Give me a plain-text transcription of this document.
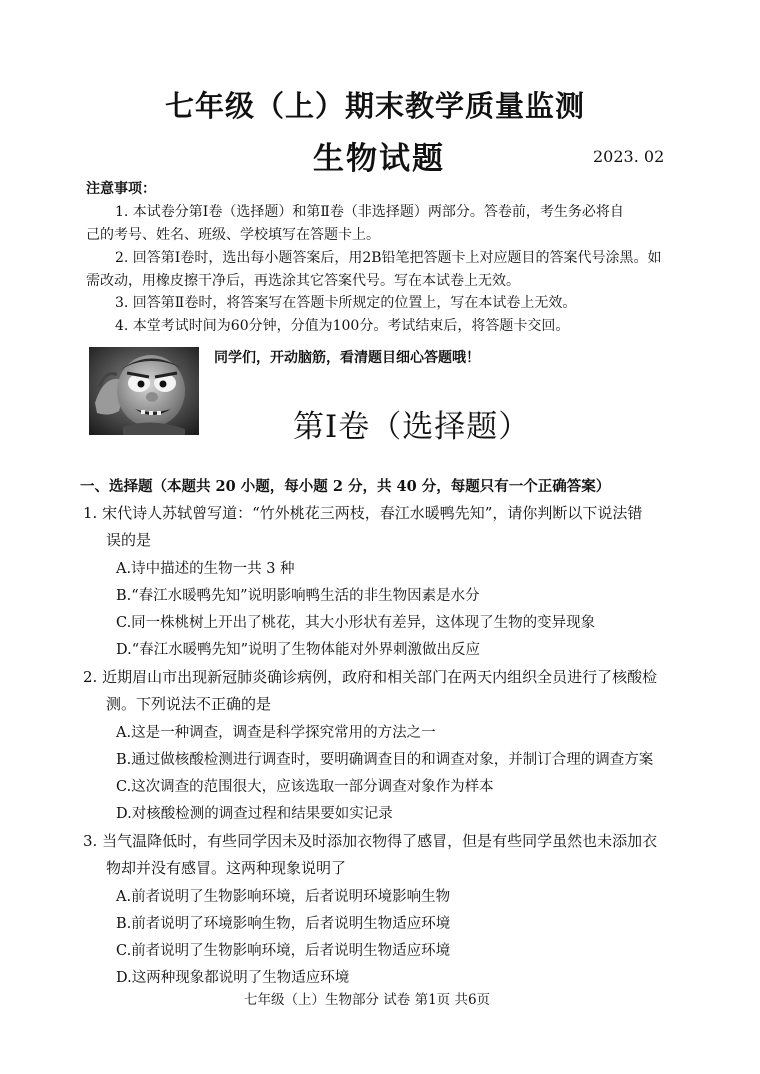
七年级（上）期末教学质量监测
生物试题	2023. 02
注意事项：
1. 本试卷分第Ⅰ卷（选择题）和第Ⅱ卷（非选择题）两部分。答卷前，考生务必将自
己的考号、姓名、班级、学校填写在答题卡上。
2. 回答第Ⅰ卷时，选出每小题答案后，用2B铅笔把答题卡上对应题目的答案代号涂黑。如
需改动，用橡皮擦干净后，再选涂其它答案代号。写在本试卷上无效。
3. 回答第Ⅱ卷时，将答案写在答题卡所规定的位置上，写在本试卷上无效。
4. 本堂考试时间为60分钟，分值为100分。考试结束后，将答题卡交回。
同学们，开动脑筋，看清题目细心答题哦！
第Ⅰ卷（选择题）
一、选择题（本题共 20 小题，每小题 2 分，共 40 分，每题只有一个正确答案）
1. 宋代诗人苏轼曾写道：“竹外桃花三两枝，春江水暖鸭先知”，请你判断以下说法错
误的是
A.诗中描述的生物一共 3 种
B.“春江水暖鸭先知”说明影响鸭生活的非生物因素是水分
C.同一株桃树上开出了桃花，其大小形状有差异，这体现了生物的变异现象
D.“春江水暖鸭先知”说明了生物体能对外界刺激做出反应
2. 近期眉山市出现新冠肺炎确诊病例，政府和相关部门在两天内组织全员进行了核酸检
测。下列说法不正确的是
A.这是一种调查，调查是科学探究常用的方法之一
B.通过做核酸检测进行调查时，要明确调查目的和调查对象，并制订合理的调查方案
C.这次调查的范围很大，应该选取一部分调查对象作为样本
D.对核酸检测的调查过程和结果要如实记录
3. 当气温降低时，有些同学因未及时添加衣物得了感冒，但是有些同学虽然也未添加衣
物却并没有感冒。这两种现象说明了
A.前者说明了生物影响环境，后者说明环境影响生物
B.前者说明了环境影响生物，后者说明生物适应环境
C.前者说明了生物影响环境，后者说明生物适应环境
D.这两种现象都说明了生物适应环境
七年级（上）生物部分 试卷 第1页 共6页
